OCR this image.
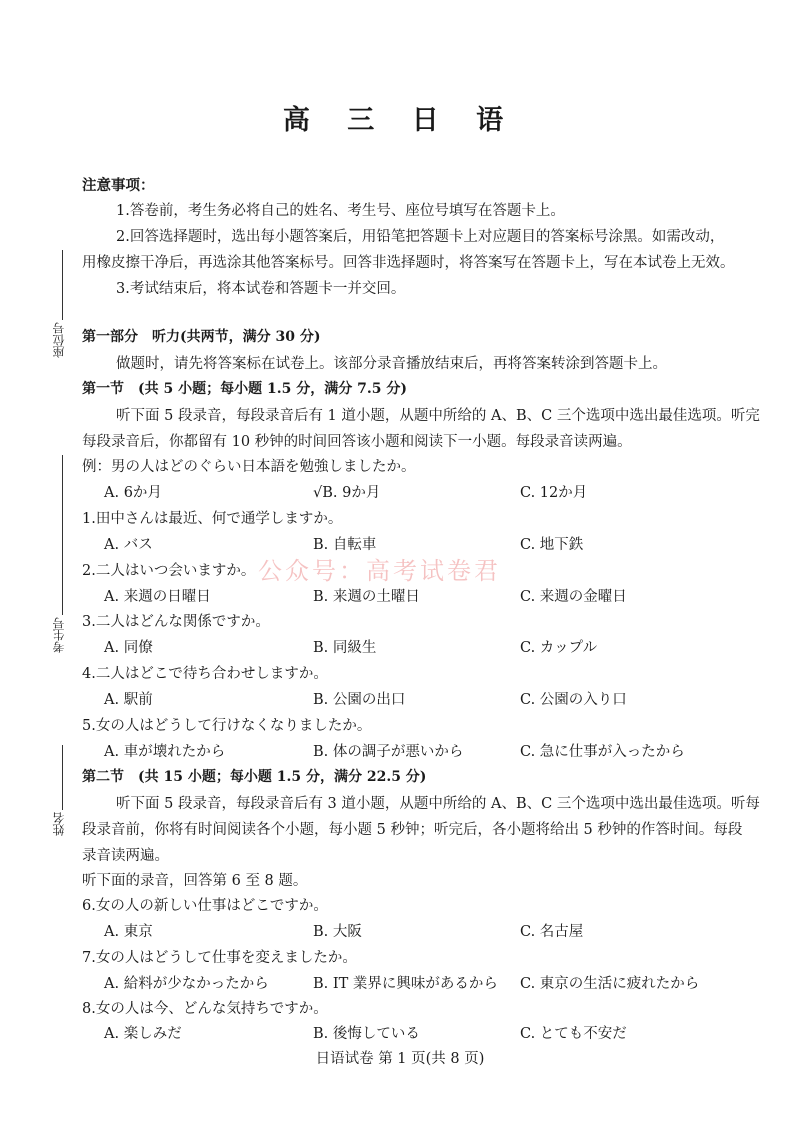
高 三 日 语
座位号
考生号
姓名
注意事项：
1.答卷前，考生务必将自己的姓名、考生号、座位号填写在答题卡上。
2.回答选择题时，选出每小题答案后，用铅笔把答题卡上对应题目的答案标号涂黑。如需改动，
用橡皮擦干净后，再选涂其他答案标号。回答非选择题时，将答案写在答题卡上，写在本试卷上无效。
3.考试结束后，将本试卷和答题卡一并交回。
第一部分　听力(共两节，满分 30 分)
做题时，请先将答案标在试卷上。该部分录音播放结束后，再将答案转涂到答题卡上。
第一节　(共 5 小题；每小题 1.5 分，满分 7.5 分)
听下面 5 段录音，每段录音后有 1 道小题，从题中所给的 A、B、C 三个选项中选出最佳选项。听完
每段录音后，你都留有 10 秒钟的时间回答该小题和阅读下一小题。每段录音读两遍。
例：男の人はどのぐらい日本語を勉強しましたか。
A. 6か月	√B. 9か月	C. 12か月
1.田中さんは最近、何で通学しますか。
A. バス	B. 自転車	C. 地下鉄
2.二人はいつ会いますか。
A. 来週の日曜日	B. 来週の土曜日	C. 来週の金曜日
3.二人はどんな関係ですか。
A. 同僚	B. 同級生	C. カップル
4.二人はどこで待ち合わせしますか。
A. 駅前	B. 公園の出口	C. 公園の入り口
5.女の人はどうして行けなくなりましたか。
A. 車が壊れたから	B. 体の調子が悪いから	C. 急に仕事が入ったから
公众号：高考试卷君
第二节　(共 15 小题；每小题 1.5 分，满分 22.5 分)
听下面 5 段录音，每段录音后有 3 道小题，从题中所给的 A、B、C 三个选项中选出最佳选项。听每
段录音前，你将有时间阅读各个小题，每小题 5 秒钟；听完后，各小题将给出 5 秒钟的作答时间。每段
录音读两遍。
听下面的录音，回答第 6 至 8 题。
6.女の人の新しい仕事はどこですか。
A. 東京	B. 大阪	C. 名古屋
7.女の人はどうして仕事を変えましたか。
A. 給料が少なかったから	B. IT 業界に興味があるから C. 東京の生活に疲れたから
8.女の人は今、どんな気持ちですか。
A. 楽しみだ	B. 後悔している	C. とても不安だ
日语试卷 第 1 页(共 8 页)
